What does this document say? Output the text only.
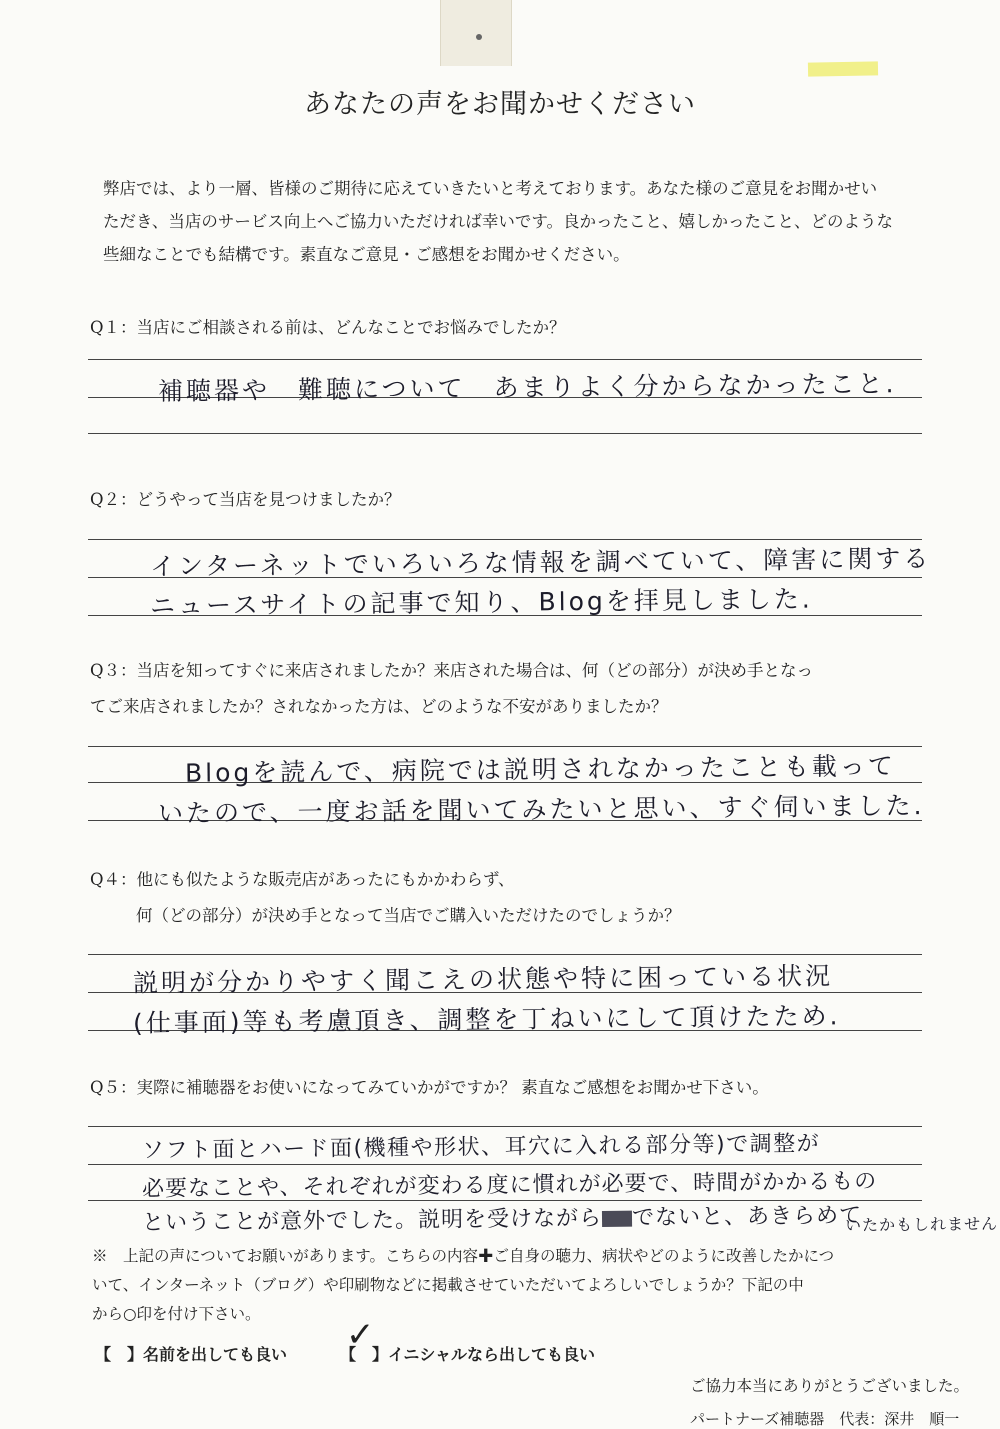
あなたの声をお聞かせください
弊店では、より一層、皆様のご期待に応えていきたいと考えております。あなた様のご意見をお聞かせい
ただき、当店のサービス向上へご協力いただければ幸いです。良かったこと、嬉しかったこと、どのような
些細なことでも結構です。素直なご意見・ご感想をお聞かせください。
Q１：当店にご相談される前は、どんなことでお悩みでしたか？
補聴器や　難聴について　あまりよく分からなかったこと.
Q２：どうやって当店を見つけましたか？
インターネットでいろいろな情報を調べていて、障害に関する
ニュースサイトの記事で知り、Blogを拝見しました.
Q３：当店を知ってすぐに来店されましたか？来店された場合は、何（どの部分）が決め手となっ
てご来店されましたか？されなかった方は、どのような不安がありましたか？
Blogを読んで、病院では説明されなかったことも載って
いたので、一度お話を聞いてみたいと思い、すぐ伺いました.
Q４：他にも似たような販売店があったにもかかわらず、
何（どの部分）が決め手となって当店でご購入いただけたのでしょうか？
説明が分かりやすく聞こえの状態や特に困っている状況
(仕事面)等も考慮頂き、調整を丁ねいにして頂けたため.
Q５：実際に補聴器をお使いになってみていかがですか？ 素直なご感想をお聞かせ下さい。
ソフト面とハード面(機種や形状、耳穴に入れる部分等)で調整が
必要なことや、それぞれが変わる度に慣れが必要で、時間がかかるもの
ということが意外でした。説明を受けながら でないと、あきらめて
いたかもしれません
※　上記の声についてお願いがあります。こちらの内容✚ご自身の聴力、病状やどのように改善したかにつ
いて、インターネット（ブログ）や印刷物などに掲載させていただいてよろしいでしょうか？下記の中
から○印を付け下さい。
【　】名前を出しても良い	【　】イニシャルなら出しても良い
✓
ご協力本当にありがとうございました。
パートナーズ補聴器　代表：深井　順一
